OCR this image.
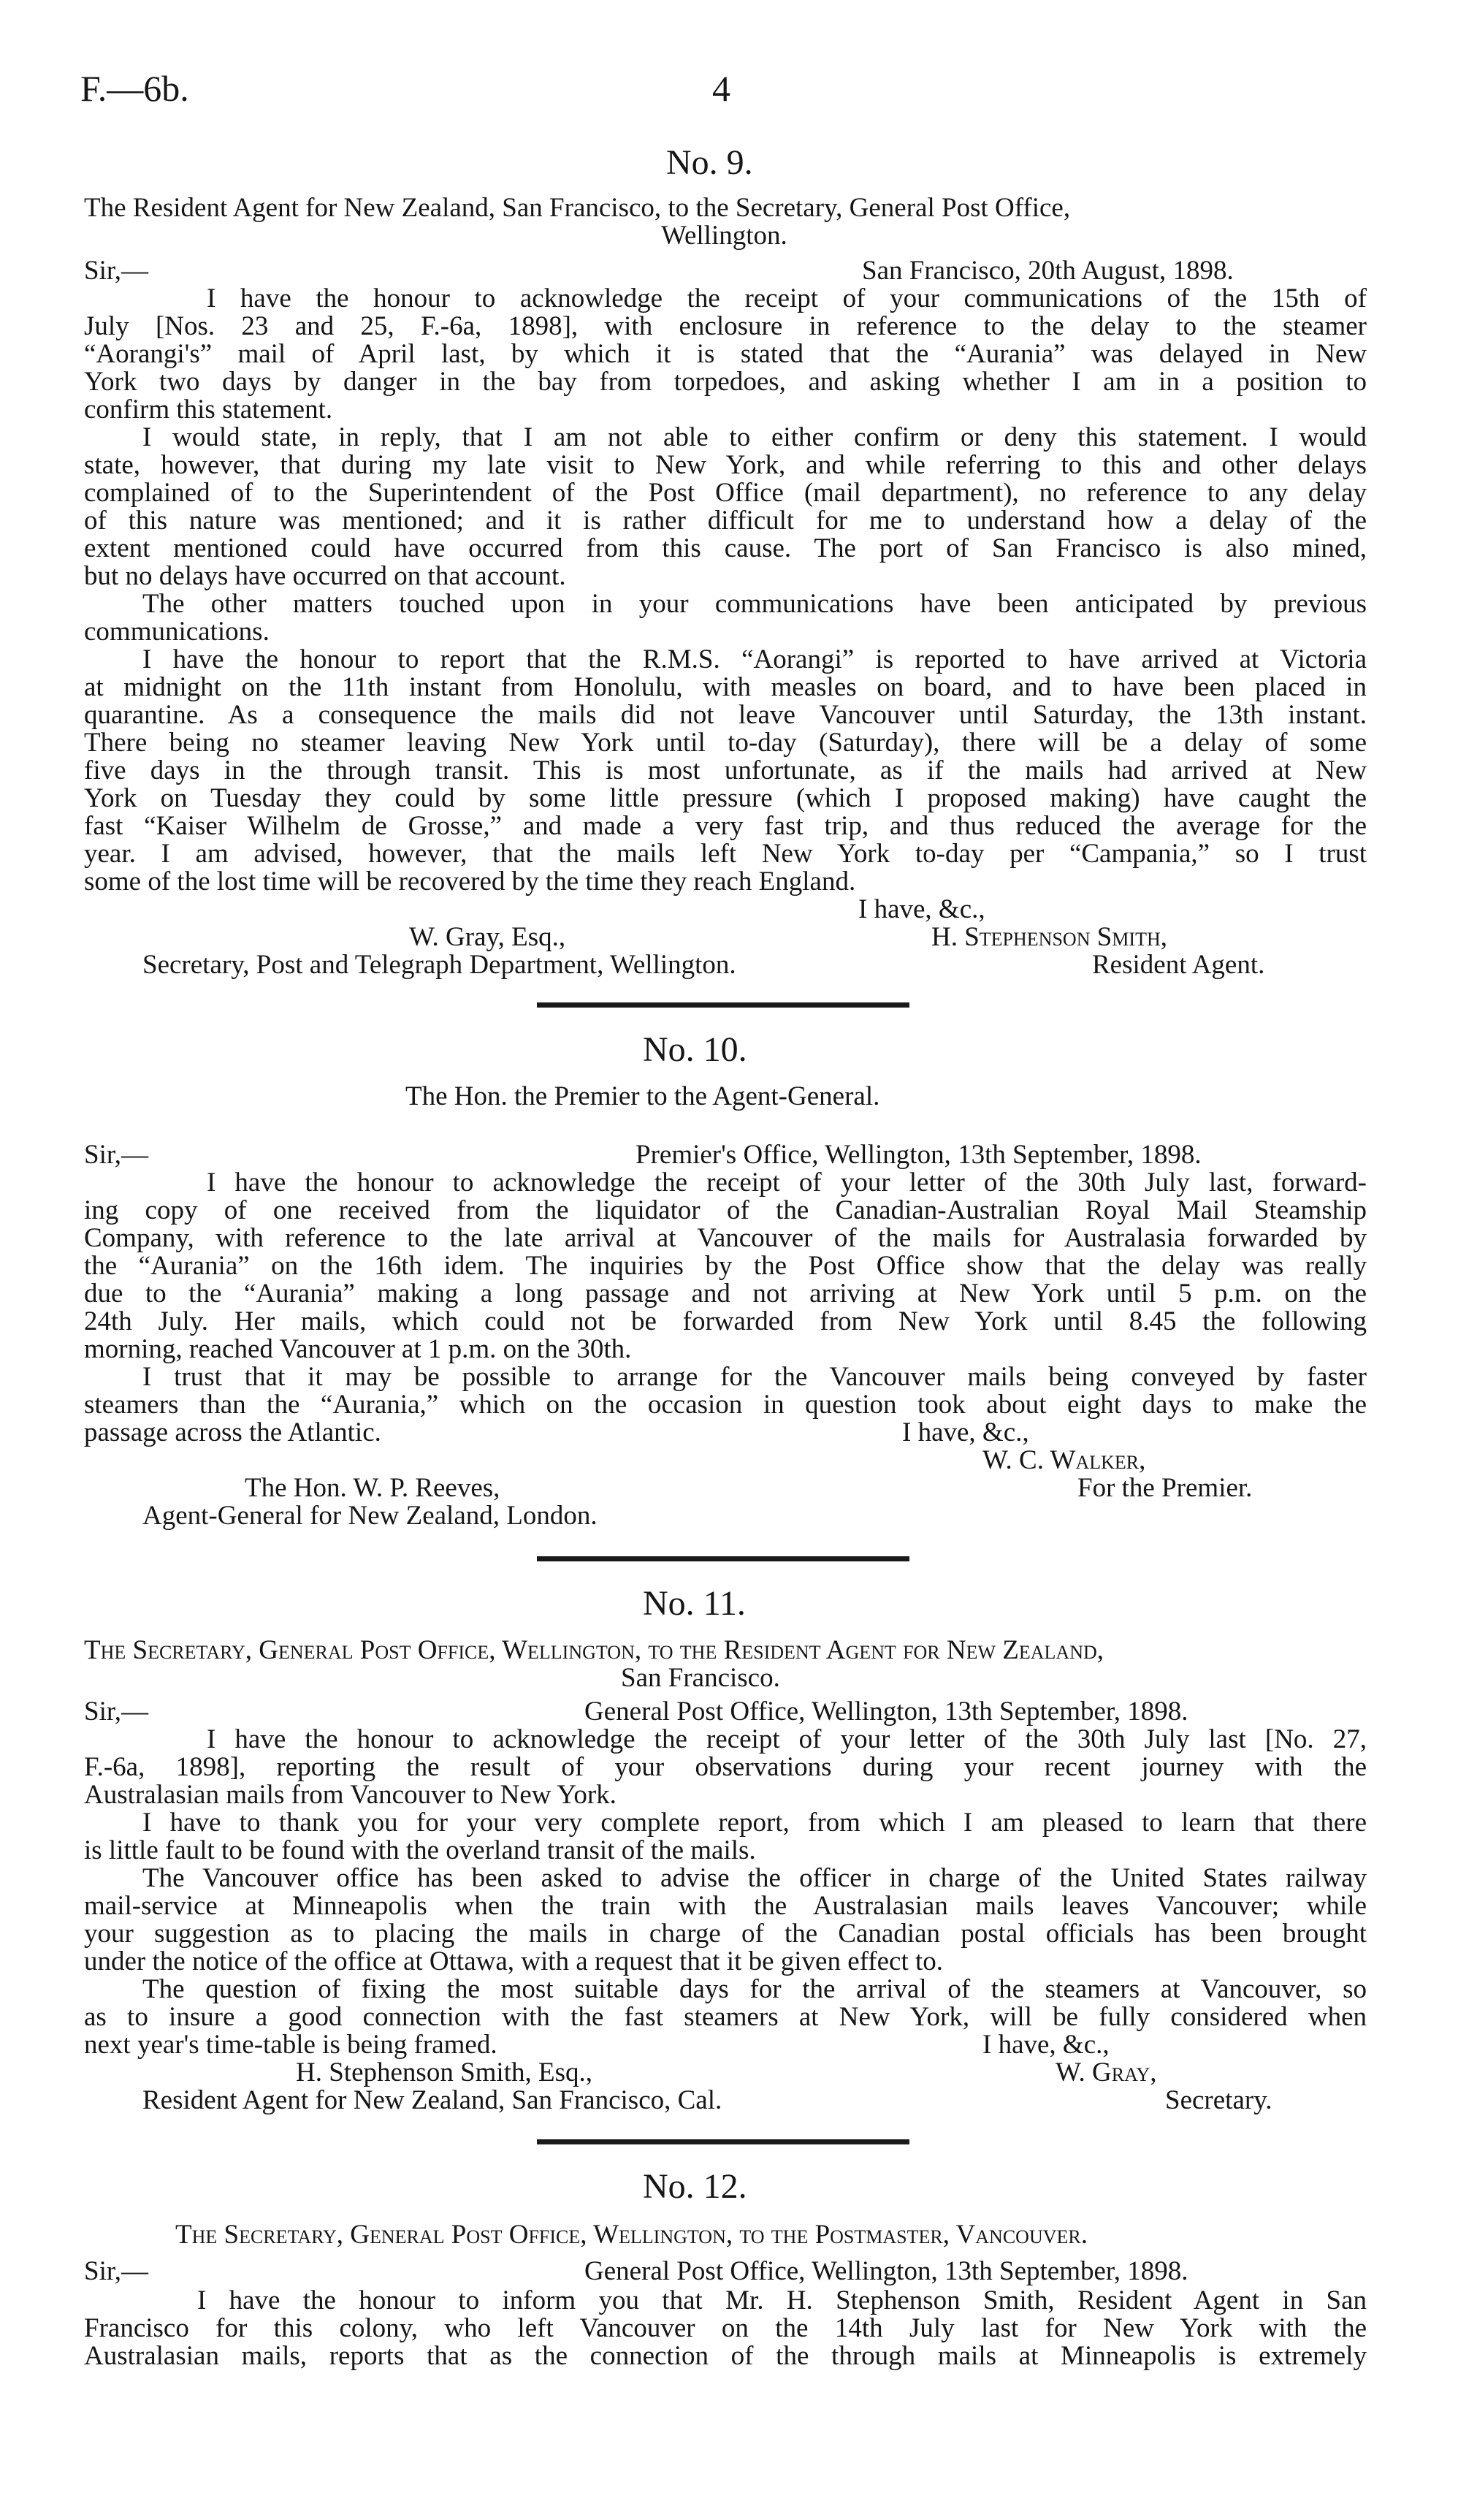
F.—6b.	4
No. 9.
The Resident Agent for New Zealand, San Francisco, to the Secretary, General Post Office,
Wellington.
Sir,—	San Francisco, 20th August, 1898.
I have the honour to acknowledge the receipt of your communications of the 15th of
July [Nos. 23 and 25, F.-6a, 1898], with enclosure in reference to the delay to the steamer
“Aorangi's” mail of April last, by which it is stated that the “Aurania” was delayed in New
York two days by danger in the bay from torpedoes, and asking whether I am in a position to
confirm this statement.
I would state, in reply, that I am not able to either confirm or deny this statement. I would
state, however, that during my late visit to New York, and while referring to this and other delays
complained of to the Superintendent of the Post Office (mail department), no reference to any delay
of this nature was mentioned; and it is rather difficult for me to understand how a delay of the
extent mentioned could have occurred from this cause. The port of San Francisco is also mined,
but no delays have occurred on that account.
The other matters touched upon in your communications have been anticipated by previous
communications.
I have the honour to report that the R.M.S. “Aorangi” is reported to have arrived at Victoria
at midnight on the 11th instant from Honolulu, with measles on board, and to have been placed in
quarantine. As a consequence the mails did not leave Vancouver until Saturday, the 13th instant.
There being no steamer leaving New York until to-day (Saturday), there will be a delay of some
five days in the through transit. This is most unfortunate, as if the mails had arrived at New
York on Tuesday they could by some little pressure (which I proposed making) have caught the
fast “Kaiser Wilhelm de Grosse,” and made a very fast trip, and thus reduced the average for the
year. I am advised, however, that the mails left New York to-day per “Campania,” so I trust
some of the lost time will be recovered by the time they reach England.
I have, &c.,
W. Gray, Esq.,	H. Stephenson Smith,
Secretary, Post and Telegraph Department, Wellington.	Resident Agent.
No. 10.
The Hon. the Premier to the Agent-General.
Sir,—	Premier's Office, Wellington, 13th September, 1898.
I have the honour to acknowledge the receipt of your letter of the 30th July last, forward-
ing copy of one received from the liquidator of the Canadian-Australian Royal Mail Steamship
Company, with reference to the late arrival at Vancouver of the mails for Australasia forwarded by
the “Aurania” on the 16th idem. The inquiries by the Post Office show that the delay was really
due to the “Aurania” making a long passage and not arriving at New York until 5 p.m. on the
24th July. Her mails, which could not be forwarded from New York until 8.45 the following
morning, reached Vancouver at 1 p.m. on the 30th.
I trust that it may be possible to arrange for the Vancouver mails being conveyed by faster
steamers than the “Aurania,” which on the occasion in question took about eight days to make the
passage across the Atlantic.	I have, &c.,
W. C. Walker,
The Hon. W. P. Reeves,	For the Premier.
Agent-General for New Zealand, London.
No. 11.
The Secretary, General Post Office, Wellington, to the Resident Agent for New Zealand,
San Francisco.
Sir,—	General Post Office, Wellington, 13th September, 1898.
I have the honour to acknowledge the receipt of your letter of the 30th July last [No. 27,
F.-6a, 1898], reporting the result of your observations during your recent journey with the
Australasian mails from Vancouver to New York.
I have to thank you for your very complete report, from which I am pleased to learn that there
is little fault to be found with the overland transit of the mails.
The Vancouver office has been asked to advise the officer in charge of the United States railway
mail-service at Minneapolis when the train with the Australasian mails leaves Vancouver; while
your suggestion as to placing the mails in charge of the Canadian postal officials has been brought
under the notice of the office at Ottawa, with a request that it be given effect to.
The question of fixing the most suitable days for the arrival of the steamers at Vancouver, so
as to insure a good connection with the fast steamers at New York, will be fully considered when
next year's time-table is being framed.	I have, &c.,
H. Stephenson Smith, Esq.,	W. Gray,
Resident Agent for New Zealand, San Francisco, Cal.	Secretary.
No. 12.
The Secretary, General Post Office, Wellington, to the Postmaster, Vancouver.
Sir,—	General Post Office, Wellington, 13th September, 1898.
I have the honour to inform you that Mr. H. Stephenson Smith, Resident Agent in San
Francisco for this colony, who left Vancouver on the 14th July last for New York with the
Australasian mails, reports that as the connection of the through mails at Minneapolis is extremely
